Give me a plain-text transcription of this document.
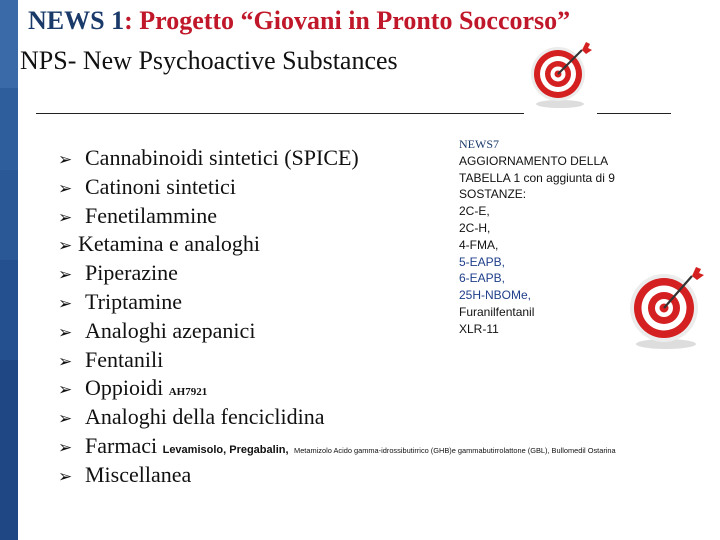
NEWS 1: Progetto “Giovani in Pronto Soccorso”
NPS- New Psychoactive Substances
➢ Cannabinoidi sintetici (SPICE)
➢ Catinoni sintetici
➢ Fenetilammine
➢ Ketamina e analoghi
➢ Piperazine
➢ Triptamine
➢ Analoghi azepanici
➢ Fentanili
➢ Oppioidi AH7921
➢ Analoghi della fenciclidina
➢ Farmaci Levamisolo, Pregabalin, Metamizolo Acido gamma-idrossibutirrico (GHB)e gammabutirrolattone (GBL), Bullomedil Ostarina
➢ Miscellanea
NEWS7
AGGIORNAMENTO DELLA
TABELLA 1 con aggiunta di 9
SOSTANZE:
2C-E,
2C-H,
4-FMA,
5-EAPB,
6-EAPB,
25H-NBOMe,
Furanilfentanil
XLR-11
